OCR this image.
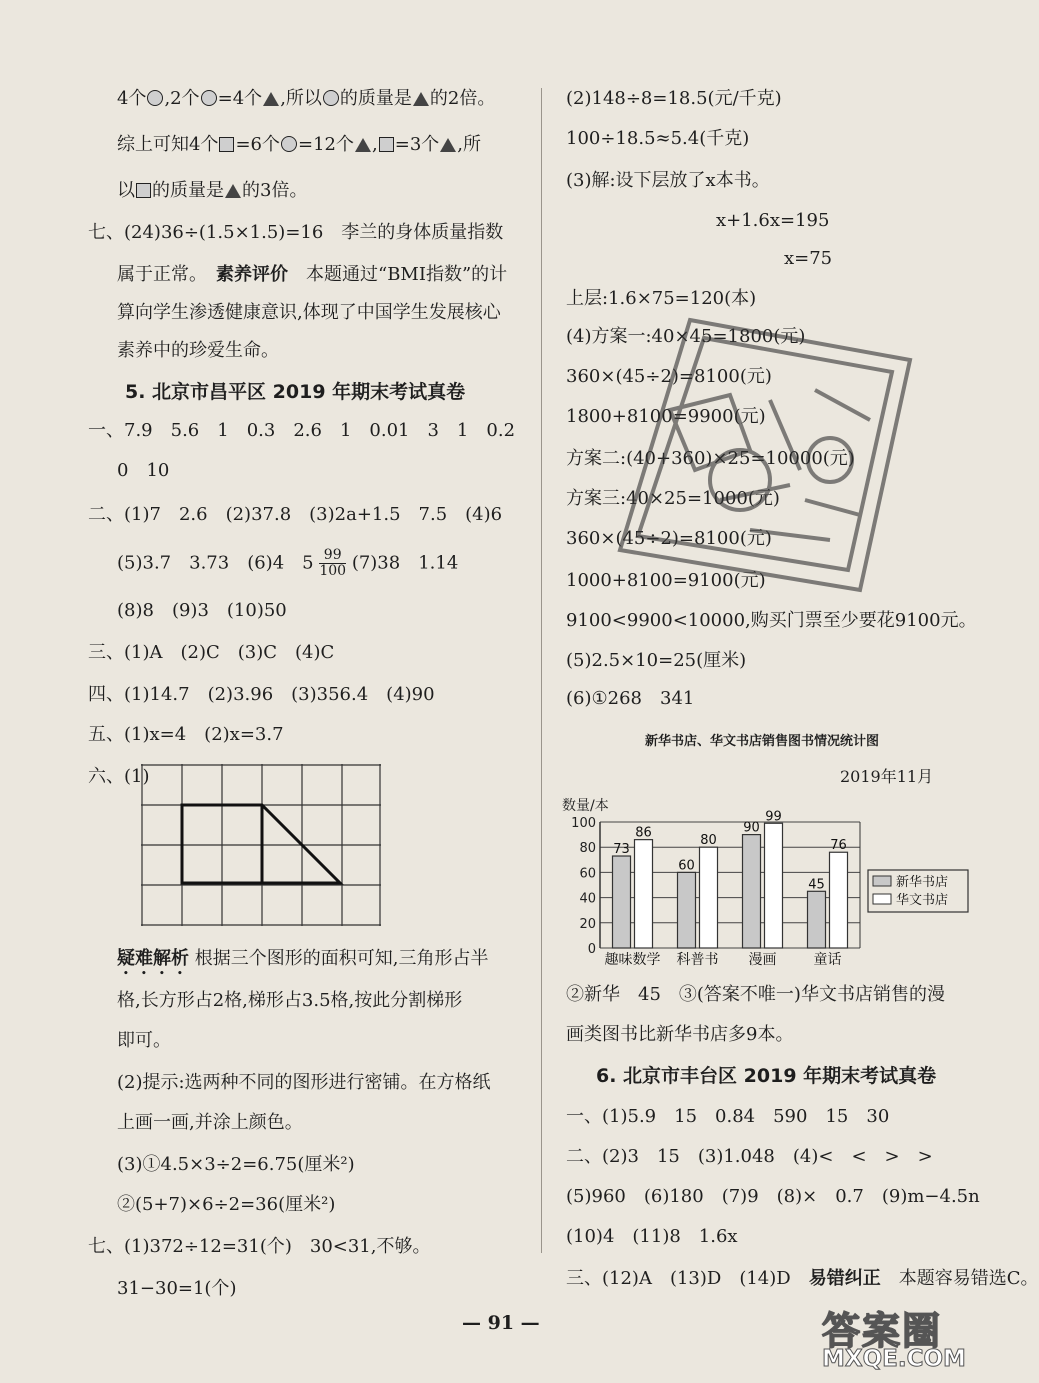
4个 ,2个 =4个 ,所以 的质量是 的2倍。
综上可知4个 =6个 =12个 , =3个 ,所
以 的质量是 的3倍。
七、(24)36÷(1.5×1.5)=16　李兰的身体质量指数
属于正常。　 素养评价　 本题通过“BMI指数”的计
算向学生渗透健康意识,体现了中国学生发展核心
素养中的珍爱生命。
5. 北京市昌平区 2019 年期末考试真卷
一、7.9　5.6　1　0.3　2.6　1　0.01　3　1　0.2
0　10
二、(1)7　2.6　(2)37.8　(3)2a+1.5　7.5　(4)6
(5)3.7　3.73　(6)4　$5 \frac{99}{100} (7)38$　1.14
(8)8　(9)3　(10)50
三、(1)A　(2)C　(3)C　(4)C
四、(1)14.7　(2)3.96　(3)356.4　(4)90
五、(1)x=4　(2)x=3.7
六、(1)
疑难解析 根据三个图形的面积可知,三角形占半
格,长方形占2格,梯形占3.5格,按此分割梯形
即可。
(2)提示:选两种不同的图形进行密铺。在方格纸
上画一画,并涂上颜色。
(3)①4.5×3÷2=6.75(厘米²)
②(5+7)×6÷2=36(厘米²)
七、(1)372÷12=31(个)　30<31,不够。
31−30=1(个)
(2)148÷8=18.5(元/千克)
100÷18.5≈5.4(千克)
(3)解:设下层放了x本书。
x+1.6x=195
x=75
上层:1.6×75=120(本)
(4)方案一:40×45=1800(元)
360×(45÷2)=8100(元)
1800+8100=9900(元)
方案二:(40+360)×25=10000(元)
方案三:40×25=1000(元)
360×(45÷2)=8100(元)
1000+8100=9100(元)
9100<9900<10000,购买门票至少要花9100元。
(5)2.5×10=25(厘米)
(6)①268　341
新华书店、华文书店销售图书情况统计图
2019年11月
数量/本
0
20
40
60
80
100
73
86
60
80
90
99
45
76
趣味数学 科普书 漫画	童话
新华书店
华文书店
②新华　45　③(答案不唯一)华文书店销售的漫
画类图书比新华书店多9本。
6. 北京市丰台区 2019 年期末考试真卷
一、(1)5.9　15　0.84　590　15　30
二、(2)3　15　(3)1.048　(4)<　<　>　>
(5)960　(6)180　(7)9　(8)×　0.7　(9)m−4.5n
(10)4　(11)8　1.6x
三、(12)A　(13)D　(14)D　 易错纠正　 本题容易错选C。
— 91 —	答案圈
MXQE.COM
